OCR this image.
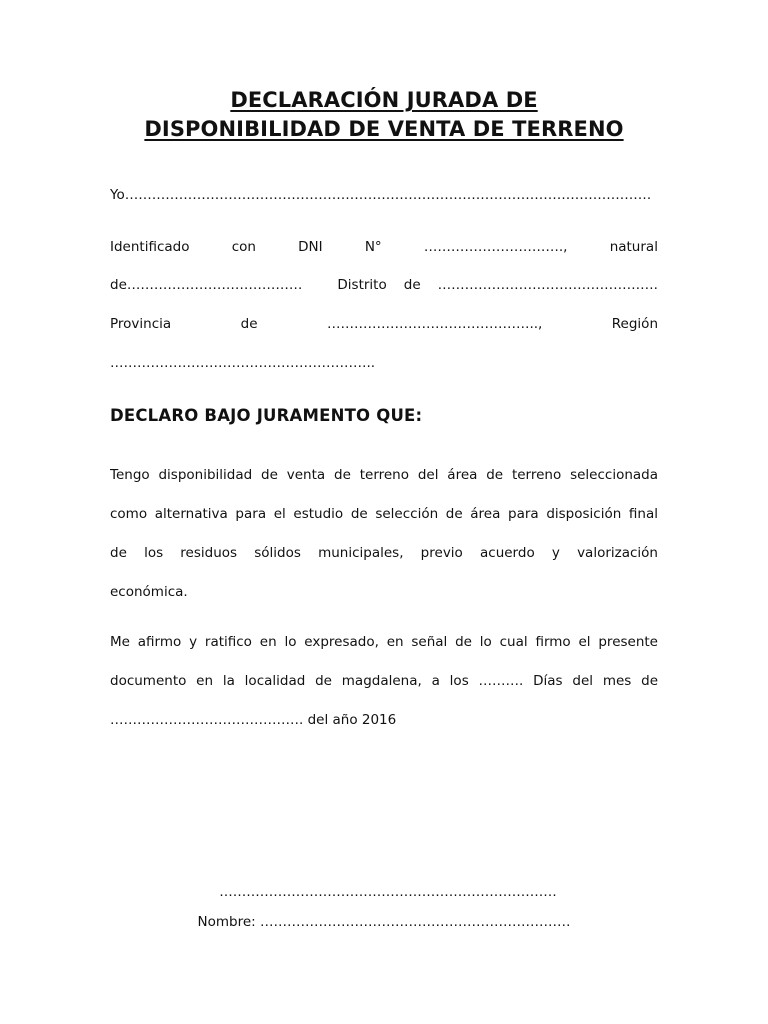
DECLARACIÓN JURADA DE
DISPONIBILIDAD DE VENTA DE TERRENO
Yo………………………………………………………………………………………………………
Identificado	con	DNI	N°	………………………….,	natural
de…………………………………	Distrito de ………………………………………….
Provincia	de	………………………………………..,	Región
…………………………………………………..
DECLARO BAJO JURAMENTO QUE:
Tengo disponibilidad de venta de terreno del área de terreno seleccionada
como alternativa para el estudio de selección de área para disposición final
de los residuos sólidos municipales, previo acuerdo y valorización
económica.
Me afirmo y ratifico en lo expresado, en señal de lo cual firmo el presente
documento en la localidad de magdalena, a los ………. Días del mes de
……………………………………. del año 2016
…………………………………………………………………
Nombre: ……………………………………………………………
